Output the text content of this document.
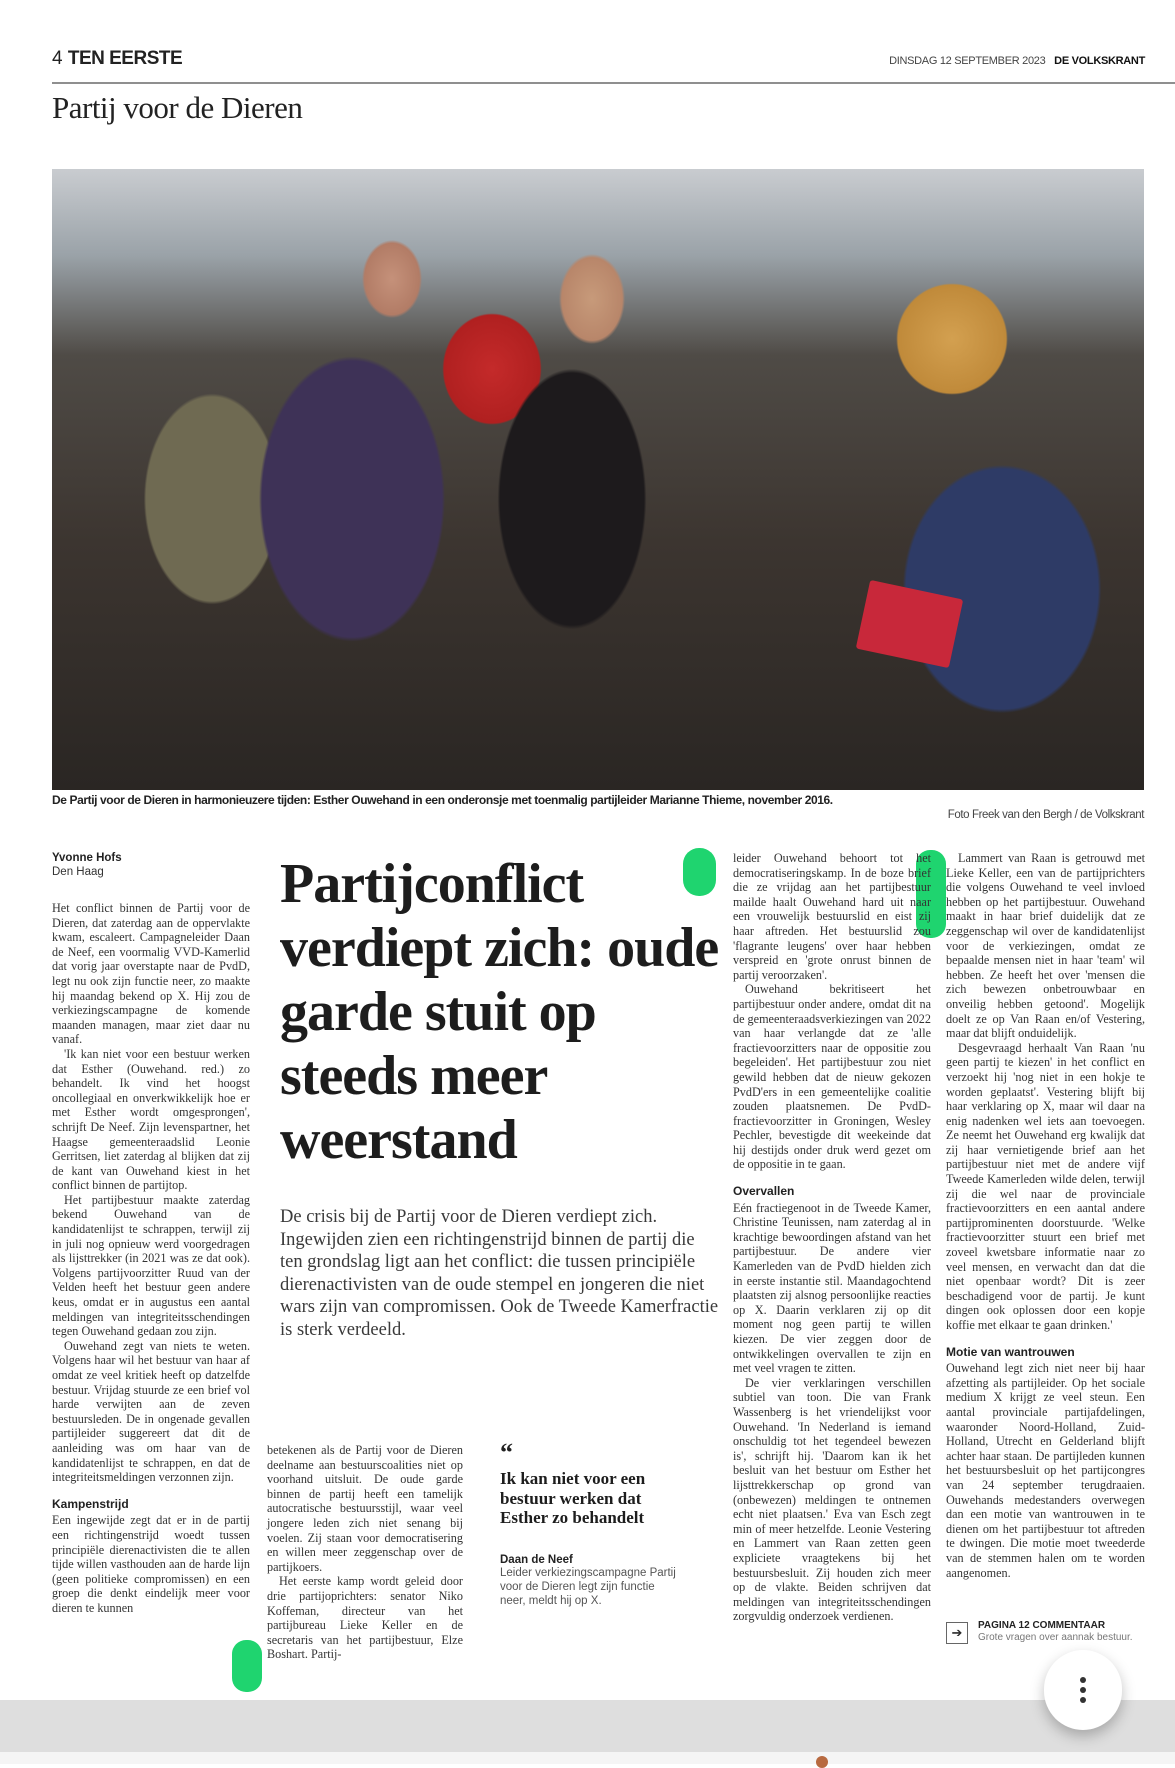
4 TEN EERSTE	DINSDAG 12 SEPTEMBER 2023 DE VOLKSKRANT
Partij voor de Dieren
De Partij voor de Dieren in harmonieuzere tijden: Esther Ouwehand in een onderonsje met toenmalig partijleider Marianne Thieme, november 2016.
Foto Freek van den Bergh / de Volkskrant
Yvonne Hofs
Den Haag

Het conflict binnen de Partij voor de Dieren, dat zaterdag aan de oppervlakte kwam, escaleert. Campagneleider Daan de Neef, een voormalig VVD-Kamerlid dat vorig jaar overstapte naar de PvdD, legt nu ook zijn functie neer, zo maakte hij maandag bekend op X. Hij zou de verkiezingscampagne de komende maanden managen, maar ziet daar nu vanaf.

'Ik kan niet voor een bestuur werken dat Esther (Ouwehand. red.) zo behandelt. Ik vind het hoogst oncollegiaal en onverkwikkelijk hoe er met Esther wordt omgesprongen', schrijft De Neef. Zijn levenspartner, het Haagse gemeenteraadslid Leonie Gerritsen, liet zaterdag al blijken dat zij de kant van Ouwehand kiest in het conflict binnen de partijtop.

Het partijbestuur maakte zaterdag bekend Ouwehand van de kandidatenlijst te schrappen, terwijl zij in juli nog opnieuw werd voorgedragen als lijsttrekker (in 2021 was ze dat ook). Volgens partijvoorzitter Ruud van der Velden heeft het bestuur geen andere keus, omdat er in augustus een aantal meldingen van integriteitsschendingen tegen Ouwehand gedaan zou zijn.

Ouwehand zegt van niets te weten. Volgens haar wil het bestuur van haar af omdat ze veel kritiek heeft op datzelfde bestuur. Vrijdag stuurde ze een brief vol harde verwijten aan de zeven bestuursleden. De in ongenade gevallen partijleider suggereert dat dit de aanleiding was om haar van de kandidatenlijst te schrappen, en dat de integriteitsmeldingen verzonnen zijn.

Kampenstrijd

Een ingewijde zegt dat er in de partij een richtingenstrijd woedt tussen principiële dierenactivisten die te allen tijde willen vasthouden aan de harde lijn (geen politieke compromissen) en een groep die denkt eindelijk meer voor dieren te kunnen

Partijconflict verdiept zich: oude garde stuit op steeds meer weerstand
De crisis bij de Partij voor de Dieren verdiept zich. Ingewijden zien een richtingenstrijd binnen de partij die ten grondslag ligt aan het conflict: die tussen principiële dierenactivisten van de oude stempel en jongeren die niet wars zijn van compromissen. Ook de Tweede Kamerfractie is sterk verdeeld.

betekenen als de Partij voor de Dieren deelname aan bestuurscoalities niet op voorhand uitsluit. De oude garde binnen de partij heeft een tamelijk autocratische bestuursstijl, waar veel jongere leden zich niet senang bij voelen. Zij staan voor democratisering en willen meer zeggenschap over de partijkoers.

Het eerste kamp wordt geleid door drie partijoprichters: senator Niko Koffeman, directeur van het partijbureau Lieke Keller en de secretaris van het partijbestuur, Elze Boshart. Partij-

“
Ik kan niet voor een bestuur werken dat Esther zo behandelt
Daan de Neef
Leider verkiezingscampagne Partij voor de Dieren legt zijn functie neer, meldt hij op X.

leider Ouwehand behoort tot het democratiseringskamp. In de boze brief die ze vrijdag aan het partijbestuur mailde haalt Ouwehand hard uit naar een vrouwelijk bestuurslid en eist zij haar aftreden. Het bestuurslid zou 'flagrante leugens' over haar hebben verspreid en 'grote onrust binnen de partij veroorzaken'.

Ouwehand bekritiseert het partijbestuur onder andere, omdat dit na de gemeenteraadsverkiezingen van 2022 van haar verlangde dat ze 'alle fractievoorzitters naar de oppositie zou begeleiden'. Het partijbestuur zou niet gewild hebben dat de nieuw gekozen PvdD'ers in een gemeentelijke coalitie zouden plaatsnemen. De PvdD-fractievoorzitter in Groningen, Wesley Pechler, bevestigde dit weekeinde dat hij destijds onder druk werd gezet om de oppositie in te gaan.

Overvallen

Eén fractiegenoot in de Tweede Kamer, Christine Teunissen, nam zaterdag al in krachtige bewoordingen afstand van het partijbestuur. De andere vier Kamerleden van de PvdD hielden zich in eerste instantie stil. Maandagochtend plaatsten zij alsnog persoonlijke reacties op X. Daarin verklaren zij op dit moment nog geen partij te willen kiezen. De vier zeggen door de ontwikkelingen overvallen te zijn en met veel vragen te zitten.

De vier verklaringen verschillen subtiel van toon. Die van Frank Wassenberg is het vriendelijkst voor Ouwehand. 'In Nederland is iemand onschuldig tot het tegendeel bewezen is', schrijft hij. 'Daarom kan ik het besluit van het bestuur om Esther het lijsttrekkerschap op grond van (onbewezen) meldingen te ontnemen echt niet plaatsen.' Eva van Esch zegt min of meer hetzelfde. Leonie Vestering en Lammert van Raan zetten geen expliciete vraagtekens bij het bestuursbesluit. Zij houden zich meer op de vlakte. Beiden schrijven dat meldingen van integriteitsschendingen zorgvuldig onderzoek verdienen.

Lammert van Raan is getrouwd met Lieke Keller, een van de partijprichters die volgens Ouwehand te veel invloed hebben op het partijbestuur. Ouwehand maakt in haar brief duidelijk dat ze zeggenschap wil over de kandidatenlijst voor de verkiezingen, omdat ze bepaalde mensen niet in haar 'team' wil hebben. Ze heeft het over 'mensen die zich bewezen onbetrouwbaar en onveilig hebben getoond'. Mogelijk doelt ze op Van Raan en/of Vestering, maar dat blijft onduidelijk.

Desgevraagd herhaalt Van Raan 'nu geen partij te kiezen' in het conflict en verzoekt hij 'nog niet in een hokje te worden geplaatst'. Vestering blijft bij haar verklaring op X, maar wil daar na enig nadenken wel iets aan toevoegen. Ze neemt het Ouwehand erg kwalijk dat zij haar vernietigende brief aan het partijbestuur niet met de andere vijf Tweede Kamerleden wilde delen, terwijl zij die wel naar de provinciale fractievoorzitters en een aantal andere partijprominenten doorstuurde. 'Welke fractievoorzitter stuurt een brief met zoveel kwetsbare informatie naar zo veel mensen, en verwacht dan dat die niet openbaar wordt? Dit is zeer beschadigend voor de partij. Je kunt dingen ook oplossen door een kopje koffie met elkaar te gaan drinken.'

Motie van wantrouwen

Ouwehand legt zich niet neer bij haar afzetting als partijleider. Op het sociale medium X krijgt ze veel steun. Een aantal provinciale partijafdelingen, waaronder Noord-Holland, Zuid-Holland, Utrecht en Gelderland blijft achter haar staan. De partijleden kunnen het bestuursbesluit op het partijcongres van 24 september terugdraaien. Ouwehands medestanders overwegen dan een motie van wantrouwen in te dienen om het partijbestuur tot aftreden te dwingen. Die motie moet tweederde van de stemmen halen om te worden aangenomen.

➔	PAGINA 12 COMMENTAAR
Grote vragen over aannak bestuur.
